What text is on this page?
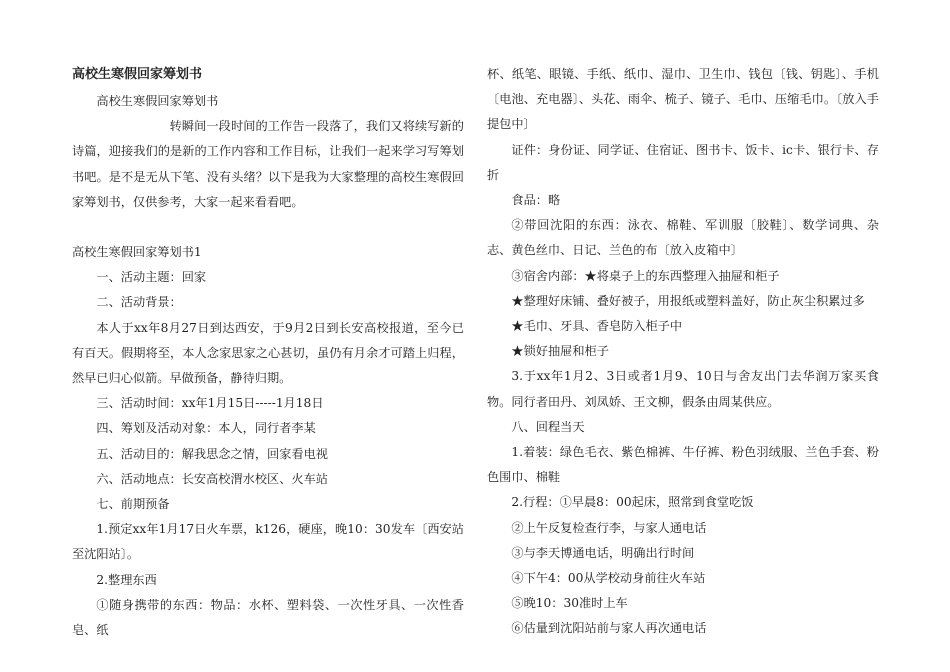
高校生寒假回家筹划书

高校生寒假回家筹划书

转瞬间一段时间的工作告一段落了，我们又将续写新的诗篇，迎接我们的是新的工作内容和工作目标，让我们一起来学习写筹划书吧。是不是无从下笔、没有头绪？以下是我为大家整理的高校生寒假回家筹划书，仅供参考，大家一起来看看吧。

高校生寒假回家筹划书1

一、活动主题：回家

二、活动背景：

本人于xx年8月27日到达西安，于9月2日到长安高校报道，至今已有百天。假期将至，本人念家思家之心甚切，虽仍有月余才可踏上归程，然早已归心似箭。早做预备，静待归期。

三、活动时间：xx年1月15日-----1月18日

四、筹划及活动对象：本人，同行者李某

五、活动目的：解我思念之情，回家看电视

六、活动地点：长安高校渭水校区、火车站

七、前期预备

1.预定xx年1月17日火车票，k126，硬座，晚10：30发车〔西安站至沈阳站〕。

2.整理东西

①随身携带的东西：物品：水杯、塑料袋、一次性牙具、一次性香皂、纸

杯、纸笔、眼镜、手纸、纸巾、湿巾、卫生巾、钱包〔钱、钥匙〕、手机〔电池、充电器〕、头花、雨伞、梳子、镜子、毛巾、压缩毛巾。〔放入手提包中〕

证件：身份证、同学证、住宿证、图书卡、饭卡、ic卡、银行卡、存折

食品：略

②带回沈阳的东西：泳衣、棉鞋、军训服〔胶鞋〕、数学词典、杂志、黄色丝巾、日记、兰色的布〔放入皮箱中〕

③宿舍内部：★将桌子上的东西整理入抽屉和柜子

★整理好床铺、叠好被子，用报纸或塑料盖好，防止灰尘积累过多

★毛巾、牙具、香皂防入柜子中

★锁好抽屉和柜子

3.于xx年1月2、3日或者1月9、10日与舍友出门去华润万家买食物。同行者田丹、刘凤娇、王文柳，假条由周某供应。

八、回程当天

1.着装：绿色毛衣、紫色棉裤、牛仔裤、粉色羽绒服、兰色手套、粉色围巾、棉鞋

2.行程：①早晨8：00起床，照常到食堂吃饭

②上午反复检查行李，与家人通电话

③与李天博通电话，明确出行时间

④下午4：00从学校动身前往火车站

⑤晚10：30准时上车

⑥估量到沈阳站前与家人再次通电话
